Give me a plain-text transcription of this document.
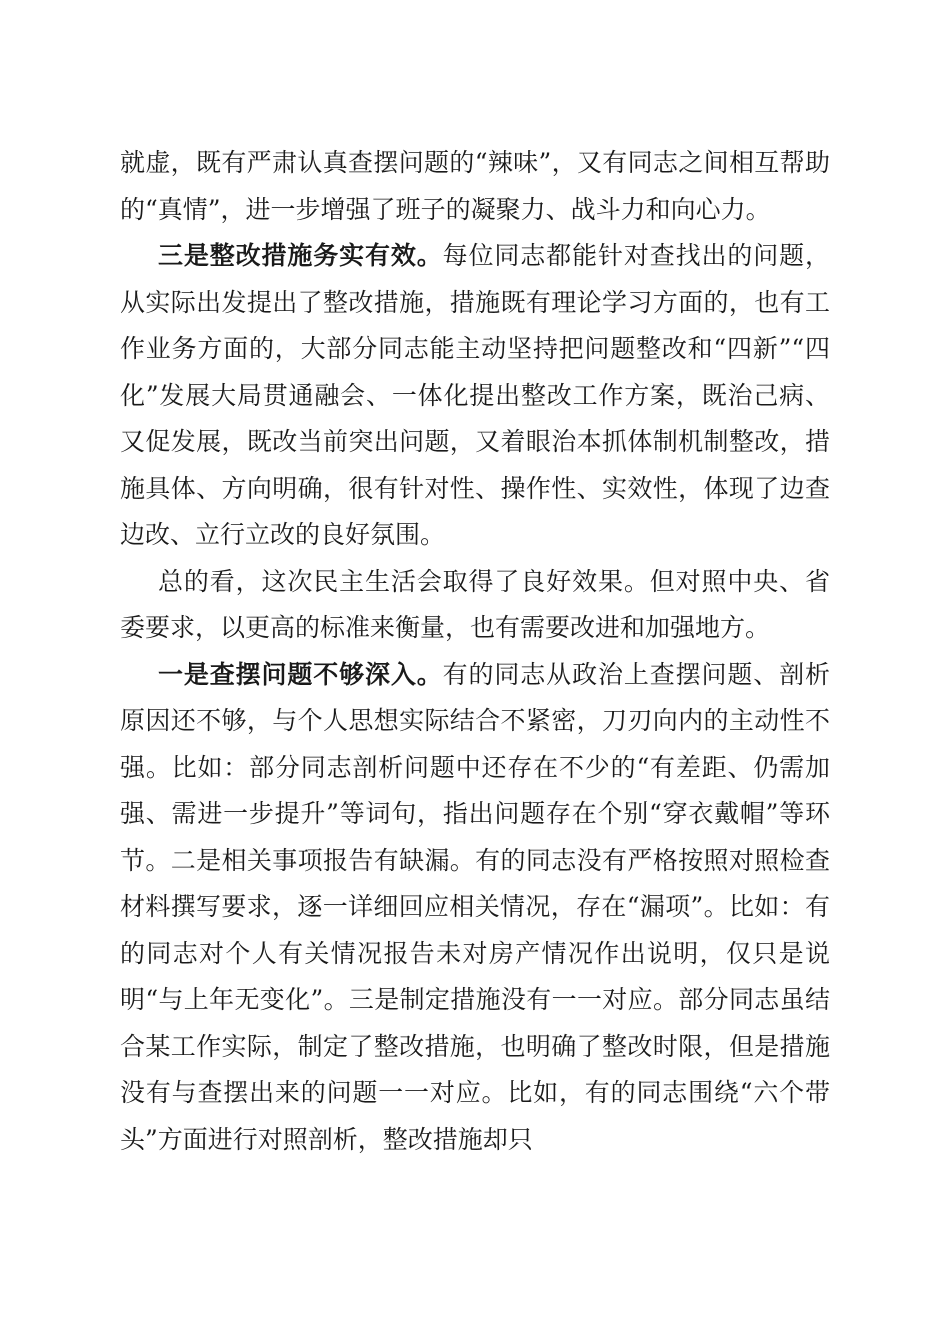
就虚，既有严肃认真查摆问题的“辣味”，又有同志之间相互帮助的“真情”，进一步增强了班子的凝聚力、战斗力和向心力。

三是整改措施务实有效。每位同志都能针对查找出的问题，从实际出发提出了整改措施，措施既有理论学习方面的，也有工作业务方面的，大部分同志能主动坚持把问题整改和“四新”“四化”发展大局贯通融会、一体化提出整改工作方案，既治己病、又促发展，既改当前突出问题，又着眼治本抓体制机制整改，措施具体、方向明确，很有针对性、操作性、实效性，体现了边查边改、立行立改的良好氛围。

总的看，这次民主生活会取得了良好效果。但对照中央、省委要求，以更高的标准来衡量，也有需要改进和加强地方。

一是查摆问题不够深入。有的同志从政治上查摆问题、剖析原因还不够，与个人思想实际结合不紧密，刀刃向内的主动性不强。比如：部分同志剖析问题中还存在不少的“有差距、仍需加强、需进一步提升”等词句，指出问题存在个别“穿衣戴帽”等环节。二是相关事项报告有缺漏。有的同志没有严格按照对照检查材料撰写要求，逐一详细回应相关情况，存在“漏项”。比如：有的同志对个人有关情况报告未对房产情况作出说明，仅只是说明“与上年无变化”。三是制定措施没有一一对应。部分同志虽结合某工作实际，制定了整改措施，也明确了整改时限，但是措施没有与查摆出来的问题一一对应。比如，有的同志围绕“六个带头”方面进行对照剖析，整改措施却只
